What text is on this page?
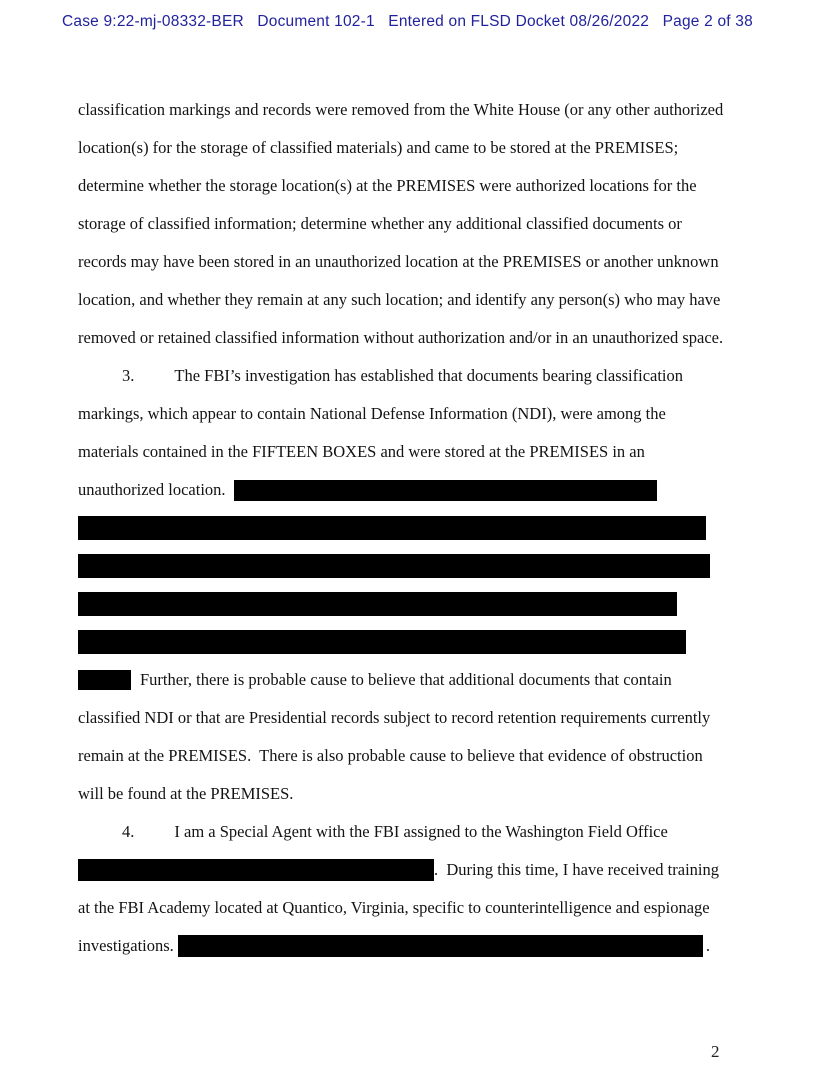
Case 9:22-mj-08332-BER   Document 102-1   Entered on FLSD Docket 08/26/2022   Page 2 of 38
classification markings and records were removed from the White House (or any other authorized
location(s) for the storage of classified materials) and came to be stored at the PREMISES;
determine whether the storage location(s) at the PREMISES were authorized locations for the
storage of classified information; determine whether any additional classified documents or
records may have been stored in an unauthorized location at the PREMISES or another unknown
location, and whether they remain at any such location; and identify any person(s) who may have
removed or retained classified information without authorization and/or in an unauthorized space.
3. The FBI’s investigation has established that documents bearing classification
markings, which appear to contain National Defense Information (NDI), were among the
materials contained in the FIFTEEN BOXES and were stored at the PREMISES in an
unauthorized location.
Further, there is probable cause to believe that additional documents that contain
classified NDI or that are Presidential records subject to record retention requirements currently
remain at the PREMISES.  There is also probable cause to believe that evidence of obstruction
will be found at the PREMISES.
4. I am a Special Agent with the FBI assigned to the Washington Field Office
.  During this time, I have received training
at the FBI Academy located at Quantico, Virginia, specific to counterintelligence and espionage
investigations.	.
2
